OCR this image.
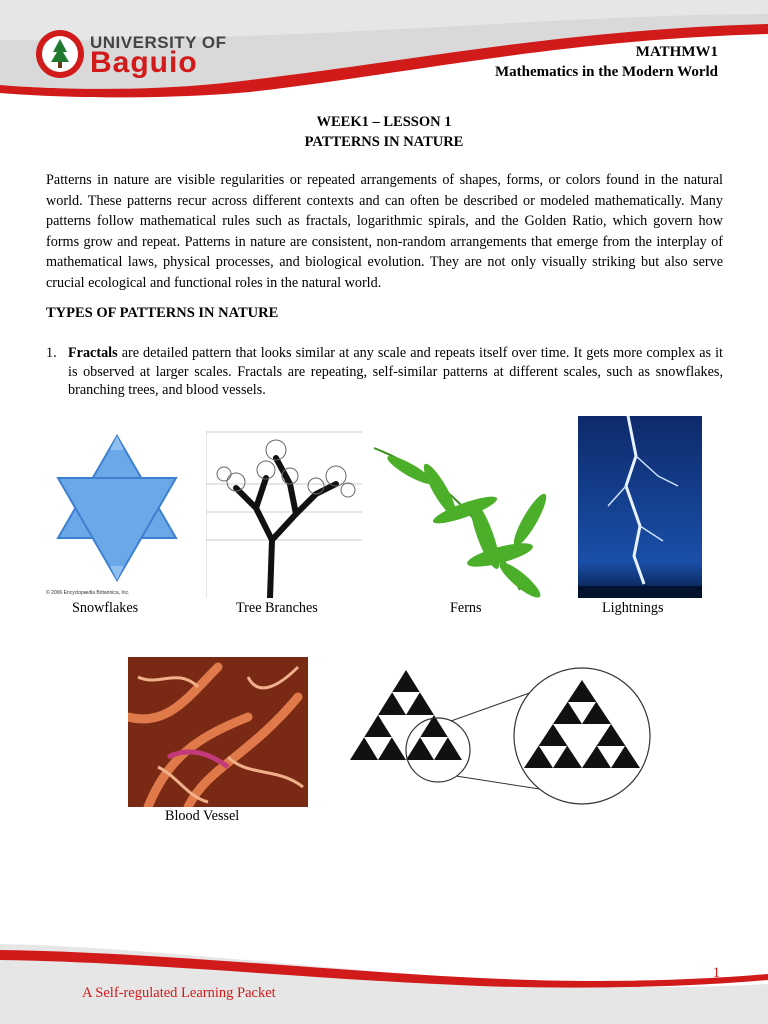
UNIVERSITY OF
Baguio	MATHMW1
Mathematics in the Modern World
WEEK1 – LESSON 1
PATTERNS IN NATURE
Patterns in nature are visible regularities or repeated arrangements of shapes, forms, or colors found in the natural world. These patterns recur across different contexts and can often be described or modeled mathematically. Many patterns follow mathematical rules such as fractals, logarithmic spirals, and the Golden Ratio, which govern how forms grow and repeat. Patterns in nature are consistent, non-random arrangements that emerge from the interplay of mathematical laws, physical processes, and biological evolution. They are not only visually striking but also serve crucial ecological and functional roles in the natural world.
TYPES OF PATTERNS IN NATURE
1. Fractals are detailed pattern that looks similar at any scale and repeats itself over time. It gets more complex as it is observed at larger scales. Fractals are repeating, self-similar patterns at different scales, such as snowflakes, branching trees, and blood vessels.
© 2006 Encyclopædia Britannica, Inc.
Snowflakes	Tree Branches	Ferns	Lightnings
Blood Vessel
1
A Self-regulated Learning Packet
